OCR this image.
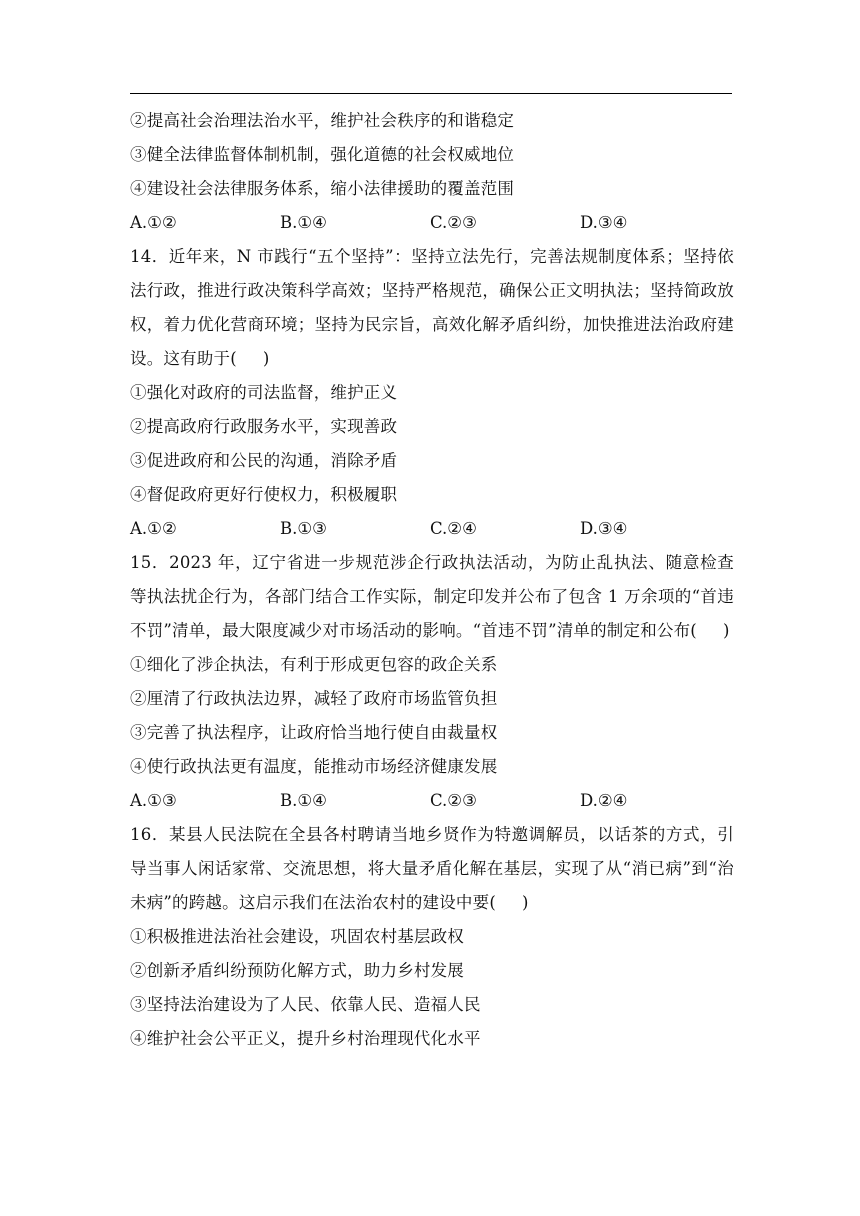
②提高社会治理法治水平，维护社会秩序的和谐稳定
③健全法律监督体制机制，强化道德的社会权威地位
④建设社会法律服务体系，缩小法律援助的覆盖范围
A.①②	B.①④	C.②③	D.③④
14．近年来，N 市践行“五个坚持”：坚持立法先行，完善法规制度体系；坚持依法行政，推进行政决策科学高效；坚持严格规范，确保公正文明执法；坚持简政放权，着力优化营商环境；坚持为民宗旨，高效化解矛盾纠纷，加快推进法治政府建设。这有助于( )
①强化对政府的司法监督，维护正义
②提高政府行政服务水平，实现善政
③促进政府和公民的沟通，消除矛盾
④督促政府更好行使权力，积极履职
A.①②	B.①③	C.②④	D.③④
15．2023 年，辽宁省进一步规范涉企行政执法活动，为防止乱执法、随意检查等执法扰企行为，各部门结合工作实际，制定印发并公布了包含 1 万余项的“首违不罚”清单，最大限度减少对市场活动的影响。“首违不罚”清单的制定和公布( )
①细化了涉企执法，有利于形成更包容的政企关系
②厘清了行政执法边界，减轻了政府市场监管负担
③完善了执法程序，让政府恰当地行使自由裁量权
④使行政执法更有温度，能推动市场经济健康发展
A.①③	B.①④	C.②③	D.②④
16．某县人民法院在全县各村聘请当地乡贤作为特邀调解员，以话茶的方式，引导当事人闲话家常、交流思想，将大量矛盾化解在基层，实现了从“消已病”到“治未病”的跨越。这启示我们在法治农村的建设中要( )
①积极推进法治社会建设，巩固农村基层政权
②创新矛盾纠纷预防化解方式，助力乡村发展
③坚持法治建设为了人民、依靠人民、造福人民
④维护社会公平正义，提升乡村治理现代化水平
